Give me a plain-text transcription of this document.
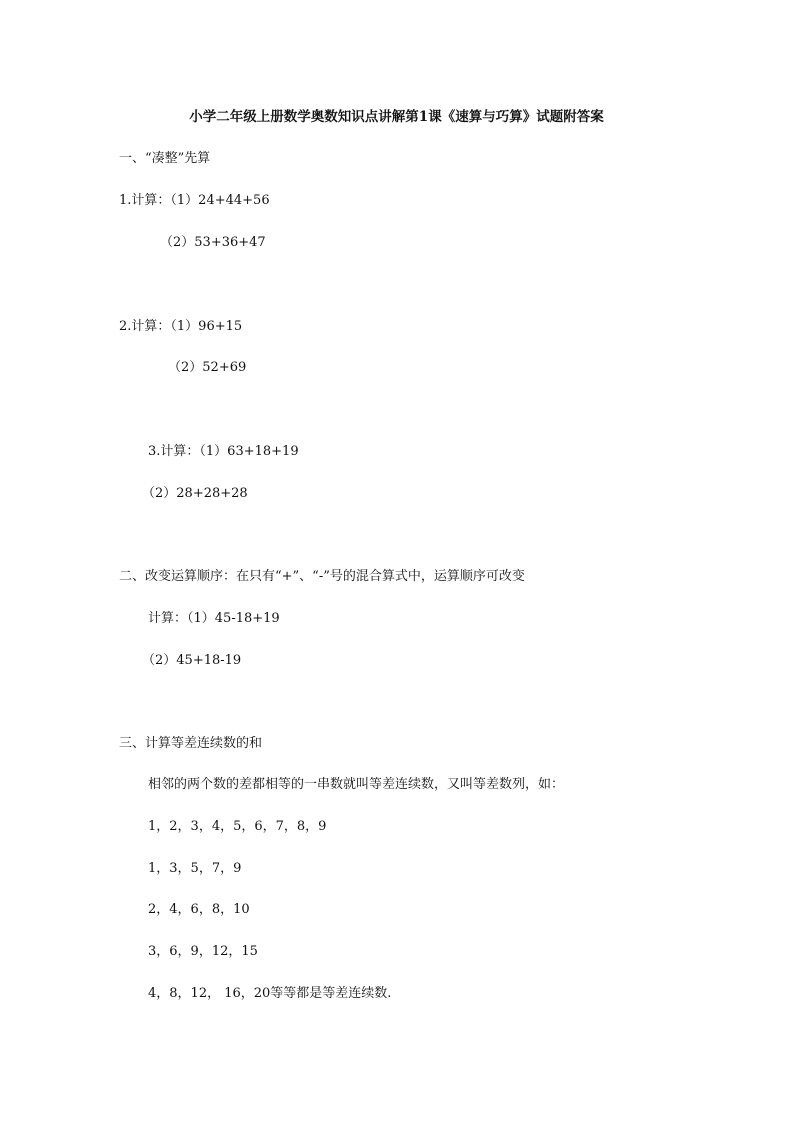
小学二年级上册数学奥数知识点讲解第1课《速算与巧算》试题附答案
一、“凑整”先算
1.计算：（1）24+44+56
（2）53+36+47
2.计算：（1）96+15
（2）52+69
3.计算：（1）63+18+19
（2）28+28+28
二、改变运算顺序：在只有“+”、“-”号的混合算式中，运算顺序可改变
计算：（1）45-18+19
（2）45+18-19
三、计算等差连续数的和
相邻的两个数的差都相等的一串数就叫等差连续数，又叫等差数列，如：
1，2，3，4，5，6，7，8，9
1，3，5，7，9
2，4，6，8，10
3，6，9，12，15
4，8，12， 16，20等等都是等差连续数.
